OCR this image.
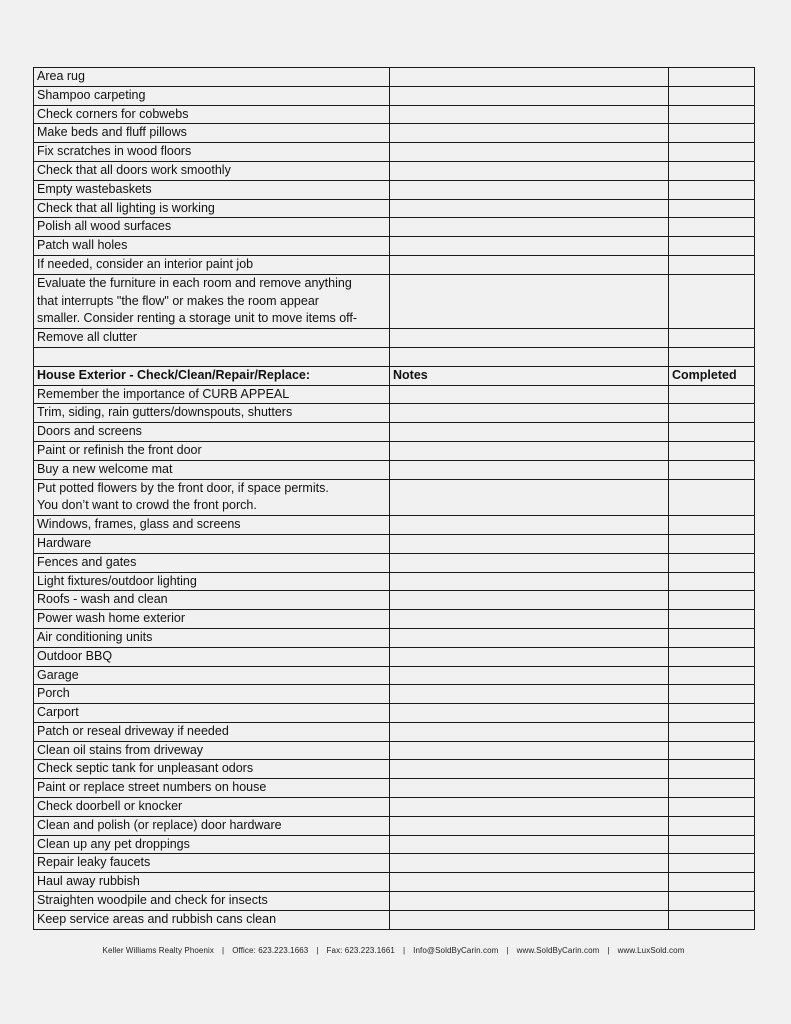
Area rug		
Shampoo carpeting		
Check corners for cobwebs		
Make beds and fluff pillows		
Fix scratches in wood floors		
Check that all doors work smoothly		
Empty wastebaskets		
Check that all lighting is working		
Polish all wood surfaces		
Patch wall holes		
If needed, consider an interior paint job		

Evaluate the furniture in each room and remove anything
that interrupts "the flow" or makes the room appear
smaller. Consider renting a storage unit to move items off-		

Remove all clutter		

House Exterior - Check/Clean/Repair/Replace:	Notes	Completed
Remember the importance of CURB APPEAL		
Trim, siding, rain gutters/downspouts, shutters		
Doors and screens		
Paint or refinish the front door		
Buy a new welcome mat		

Put potted flowers by the front door, if space permits.
You don’t want to crowd the front porch.		

Windows, frames, glass and screens		
Hardware		
Fences and gates		
Light fixtures/outdoor lighting		
Roofs - wash and clean		
Power wash home exterior		
Air conditioning units		
Outdoor BBQ		
Garage		
Porch		
Carport		
Patch or reseal driveway if needed		
Clean oil stains from driveway		
Check septic tank for unpleasant odors		
Paint or replace street numbers on house		
Check doorbell or knocker		
Clean and polish (or replace) door hardware		
Clean up any pet droppings		
Repair leaky faucets		
Haul away rubbish		
Straighten woodpile and check for insects		
Keep service areas and rubbish cans clean		
Keller Williams Realty Phoenix | Office: 623.223.1663 | Fax: 623.223.1661 | Info@SoldByCarin.com | www.SoldByCarin.com | www.LuxSold.com
